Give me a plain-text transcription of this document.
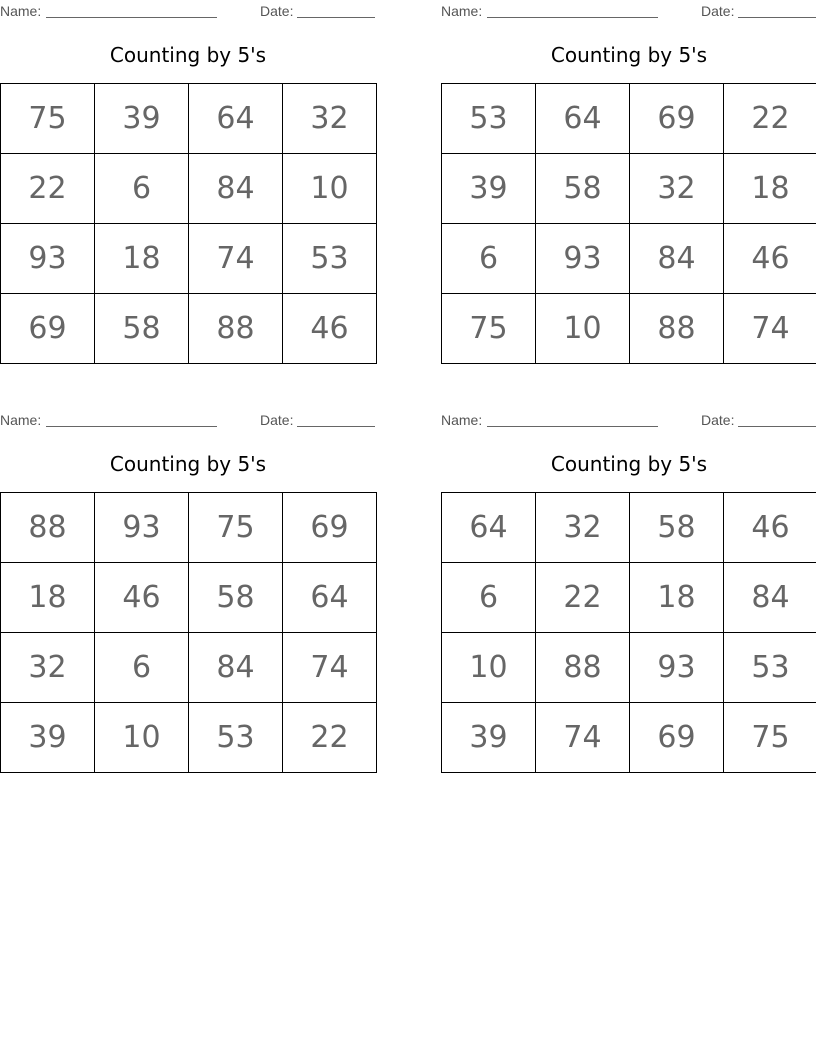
Name:	Date:
Counting by 5's
75	39	64	32
22	6	84	10
93	18	74	53
69	58	88	46
Name:	Date:
Counting by 5's
53	64	69	22
39	58	32	18
6	93	84	46
75	10	88	74
Name:	Date:
Counting by 5's
88	93	75	69
18	46	58	64
32	6	84	74
39	10	53	22
Name:	Date:
Counting by 5's
64	32	58	46
6	22	18	84
10	88	93	53
39	74	69	75
